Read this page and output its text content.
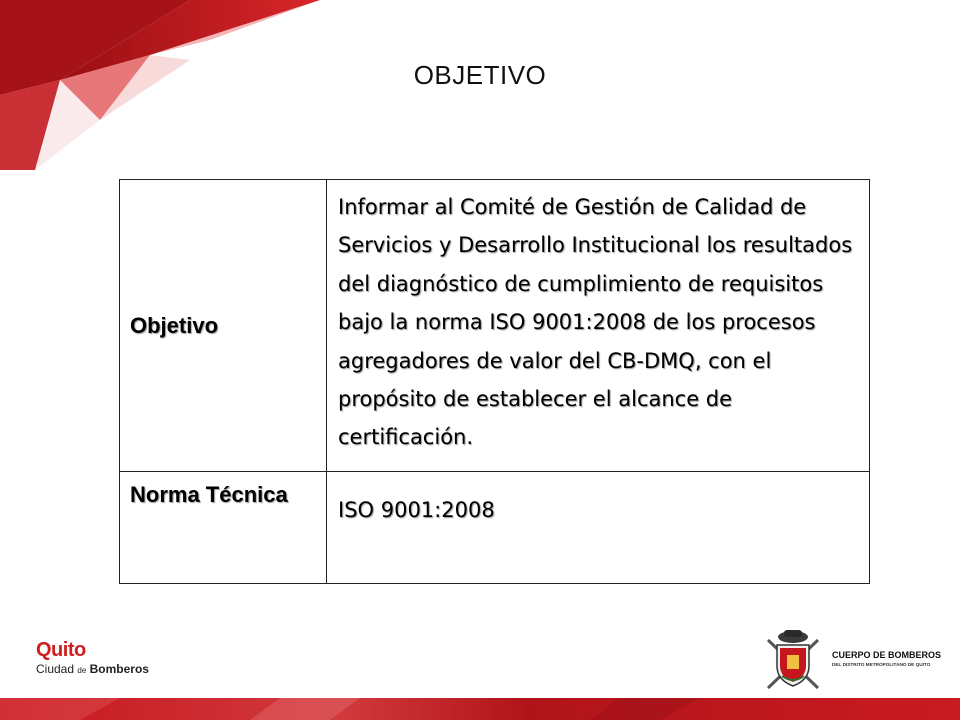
OBJETIVO
Objetivo	Informar al Comité de Gestión de Calidad de Servicios y Desarrollo Institucional los resultados del diagnóstico de cumplimiento de requisitos bajo la norma ISO 9001:2008 de los procesos agregadores de valor del CB-DMQ, con el propósito de establecer el alcance de certificación.
Norma Técnica	ISO 9001:2008
Quito
Ciudad de Bomberos
CUERPO DE BOMBEROS
DEL DISTRITO METROPOLITANO DE QUITO
